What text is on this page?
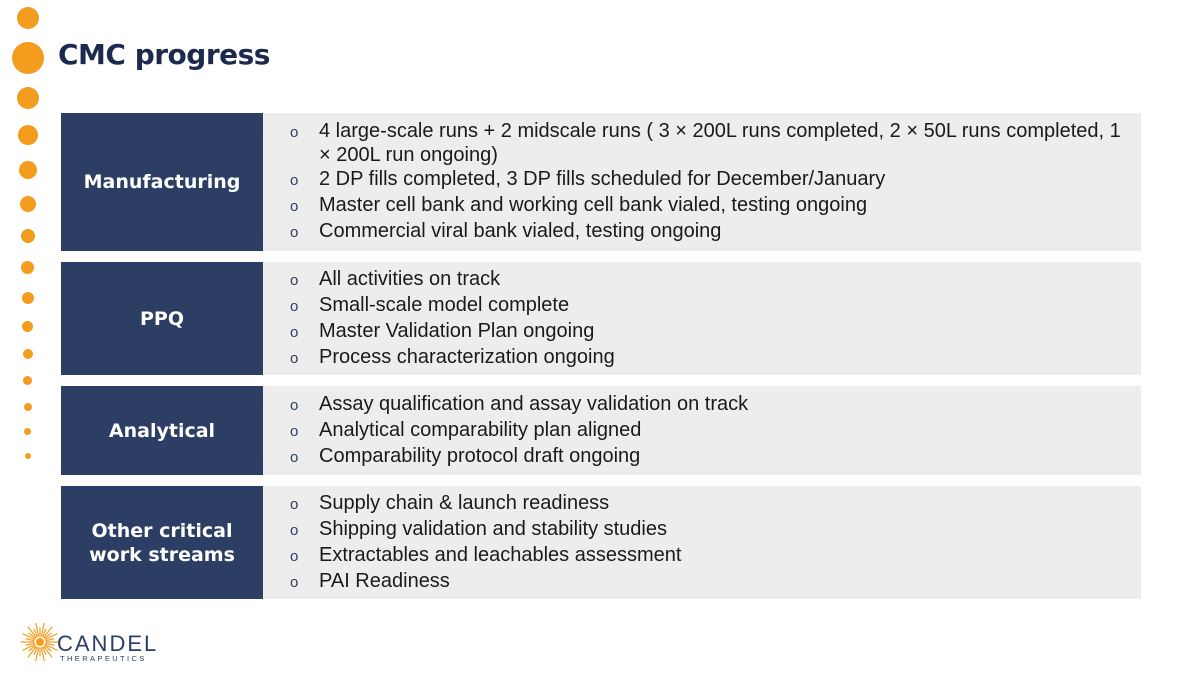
CMC progress
Manufacturing
o	4 large-scale runs + 2 midscale runs ( 3 × 200L runs completed, 2 × 50L runs completed, 1 × 200L run ongoing)
o	2 DP fills completed, 3 DP fills scheduled for December/January
o	Master cell bank and working cell bank vialed, testing ongoing
o	Commercial viral bank vialed, testing ongoing
PPQ
o	All activities on track
o	Small-scale model complete
o	Master Validation Plan ongoing
o	Process characterization ongoing
Analytical
o	Assay qualification and assay validation on track
o	Analytical comparability plan aligned
o	Comparability protocol draft ongoing
Other critical work streams
o	Supply chain & launch readiness
o	Shipping validation and stability studies
o	Extractables and leachables assessment
o	PAI Readiness
CANDEL
THERAPEUTICS
